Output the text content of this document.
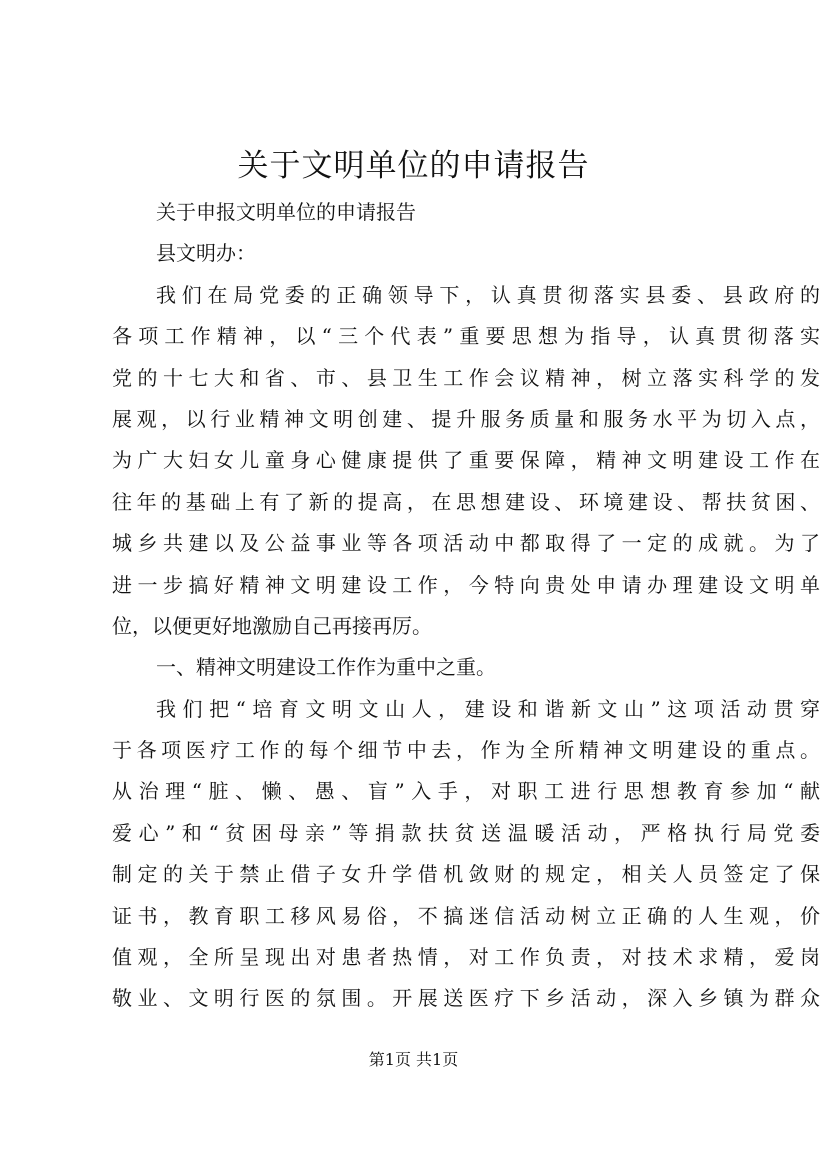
关于文明单位的申请报告
关于申报文明单位的申请报告
县文明办：
我们在局党委的正确领导下，认真贯彻落实县委、县政府的
各项工作精神，以“三个代表”重要思想为指导，认真贯彻落实
党的十七大和省、市、县卫生工作会议精神，树立落实科学的发
展观，以行业精神文明创建、提升服务质量和服务水平为切入点，
为广大妇女儿童身心健康提供了重要保障，精神文明建设工作在
往年的基础上有了新的提高，在思想建设、环境建设、帮扶贫困、
城乡共建以及公益事业等各项活动中都取得了一定的成就。为了
进一步搞好精神文明建设工作，今特向贵处申请办理建设文明单
位，以便更好地激励自己再接再厉。
一、精神文明建设工作作为重中之重。
我们把“培育文明文山人，建设和谐新文山”这项活动贯穿
于各项医疗工作的每个细节中去，作为全所精神文明建设的重点。
从治理“脏、懒、愚、盲”入手，对职工进行思想教育参加“献
爱心”和“贫困母亲”等捐款扶贫送温暖活动，严格执行局党委
制定的关于禁止借子女升学借机敛财的规定，相关人员签定了保
证书，教育职工移风易俗，不搞迷信活动树立正确的人生观，价
值观，全所呈现出对患者热情，对工作负责，对技术求精，爱岗
敬业、文明行医的氛围。开展送医疗下乡活动，深入乡镇为群众
第1页 共1页
